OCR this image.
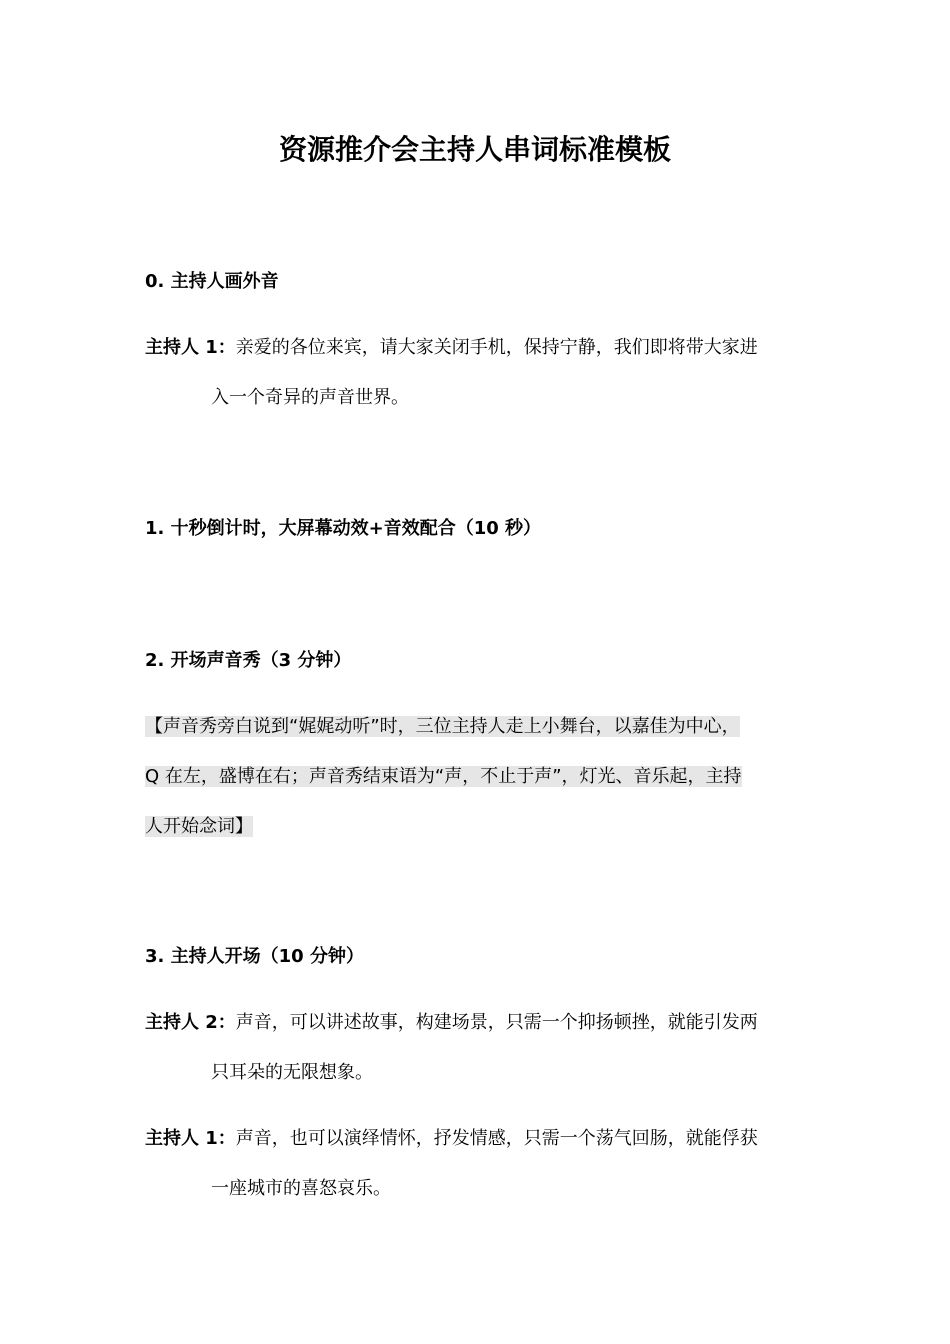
资源推介会主持人串词标准模板
0. 主持人画外音
主持人 1：亲爱的各位来宾，请大家关闭手机，保持宁静，我们即将带大家进
入一个奇异的声音世界。
1. 十秒倒计时，大屏幕动效+音效配合（10 秒）
2. 开场声音秀（3 分钟）
【声音秀旁白说到“娓娓动听”时，三位主持人走上小舞台，以嘉佳为中心，
Q 在左，盛博在右；声音秀结束语为“声，不止于声”，灯光、音乐起，主持
人开始念词】
3. 主持人开场（10 分钟）
主持人 2：声音，可以讲述故事，构建场景，只需一个抑扬顿挫，就能引发两
只耳朵的无限想象。
主持人 1：声音，也可以演绎情怀，抒发情感，只需一个荡气回肠，就能俘获
一座城市的喜怒哀乐。
